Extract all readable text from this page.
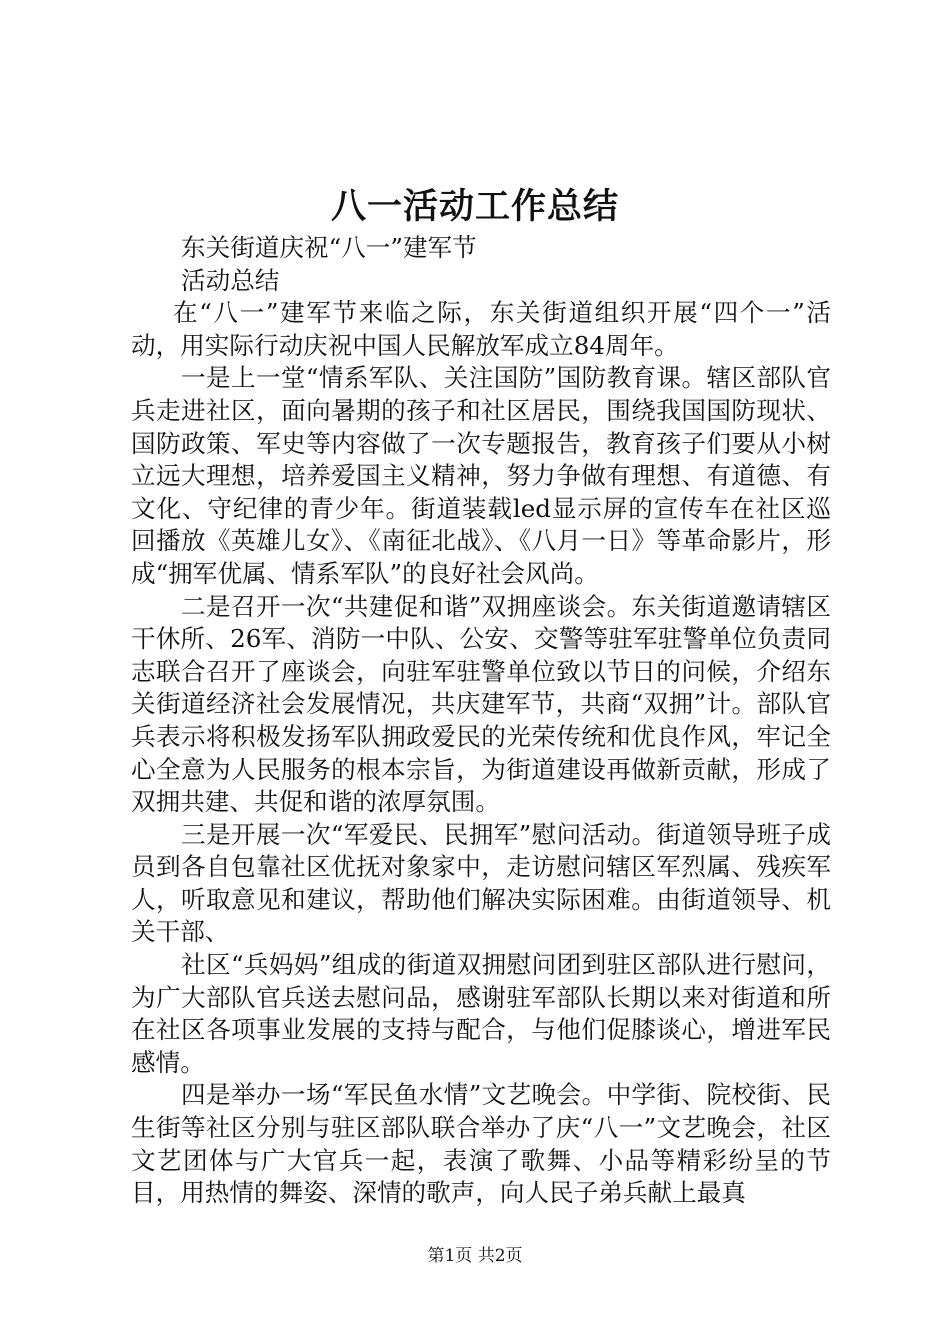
八一活动工作总结

东关街道庆祝“八一”建军节

活动总结

在“八一”建军节来临之际，东关街道组织开展“四个一”活动，用实际行动庆祝中国人民解放军成立84周年。

一是上一堂“情系军队、关注国防”国防教育课。辖区部队官兵走进社区，面向暑期的孩子和社区居民，围绕我国国防现状、国防政策、军史等内容做了一次专题报告，教育孩子们要从小树立远大理想，培养爱国主义精神，努力争做有理想、有道德、有文化、守纪律的青少年。街道装载led显示屏的宣传车在社区巡回播放《英雄儿女》、《南征北战》、《八月一日》等革命影片，形成“拥军优属、情系军队”的良好社会风尚。

二是召开一次“共建促和谐”双拥座谈会。东关街道邀请辖区干休所、26军、消防一中队、公安、交警等驻军驻警单位负责同志联合召开了座谈会，向驻军驻警单位致以节日的问候，介绍东关街道经济社会发展情况，共庆建军节，共商“双拥”计。部队官兵表示将积极发扬军队拥政爱民的光荣传统和优良作风，牢记全心全意为人民服务的根本宗旨，为街道建设再做新贡献，形成了双拥共建、共促和谐的浓厚氛围。

三是开展一次“军爱民、民拥军”慰问活动。街道领导班子成员到各自包靠社区优抚对象家中，走访慰问辖区军烈属、残疾军人，听取意见和建议，帮助他们解决实际困难。由街道领导、机关干部、

社区“兵妈妈”组成的街道双拥慰问团到驻区部队进行慰问，为广大部队官兵送去慰问品，感谢驻军部队长期以来对街道和所在社区各项事业发展的支持与配合，与他们促膝谈心，增进军民感情。

四是举办一场“军民鱼水情”文艺晚会。中学街、院校街、民生街等社区分别与驻区部队联合举办了庆“八一”文艺晚会，社区文艺团体与广大官兵一起，表演了歌舞、小品等精彩纷呈的节目，用热情的舞姿、深情的歌声，向人民子弟兵献上最真

第1页 共2页
